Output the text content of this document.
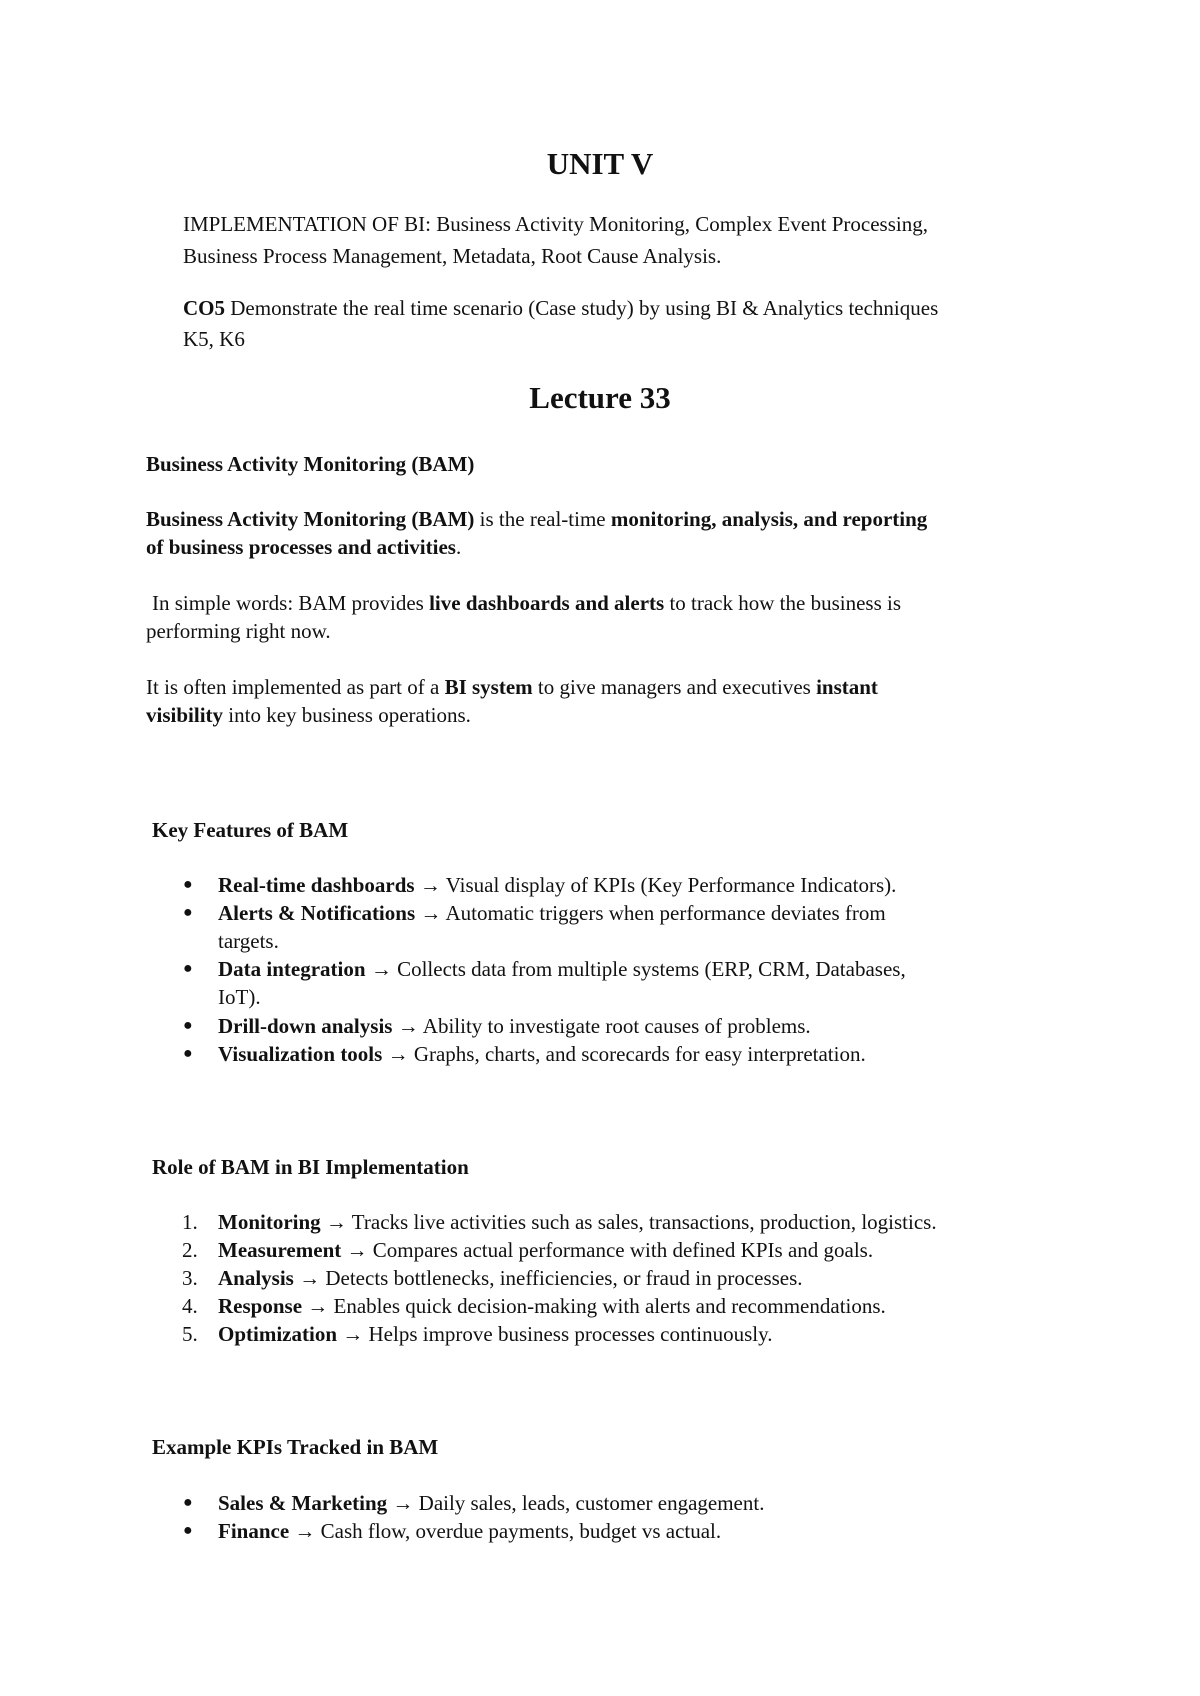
UNIT V

IMPLEMENTATION OF BI: Business Activity Monitoring, Complex Event Processing,

Business Process Management, Metadata, Root Cause Analysis.

CO5 Demonstrate the real time scenario (Case study) by using BI & Analytics techniques

K5, K6

Lecture 33
Business Activity Monitoring (BAM)

Business Activity Monitoring (BAM) is the real-time monitoring, analysis, and reporting

of business processes and activities.

In simple words: BAM provides live dashboards and alerts to track how the business is

performing right now.

It is often implemented as part of a BI system to give managers and executives instant

visibility into key business operations.

Key Features of BAM
● Real-time dashboards → Visual display of KPIs (Key Performance Indicators).
● Alerts & Notifications → Automatic triggers when performance deviates from
targets.
● Data integration → Collects data from multiple systems (ERP, CRM, Databases,
IoT).
● Drill-down analysis → Ability to investigate root causes of problems.
● Visualization tools → Graphs, charts, and scorecards for easy interpretation.
Role of BAM in BI Implementation
1. Monitoring → Tracks live activities such as sales, transactions, production, logistics.
2. Measurement → Compares actual performance with defined KPIs and goals.
3. Analysis → Detects bottlenecks, inefficiencies, or fraud in processes.
4. Response → Enables quick decision-making with alerts and recommendations.
5. Optimization → Helps improve business processes continuously.
Example KPIs Tracked in BAM
● Sales & Marketing → Daily sales, leads, customer engagement.
● Finance → Cash flow, overdue payments, budget vs actual.
